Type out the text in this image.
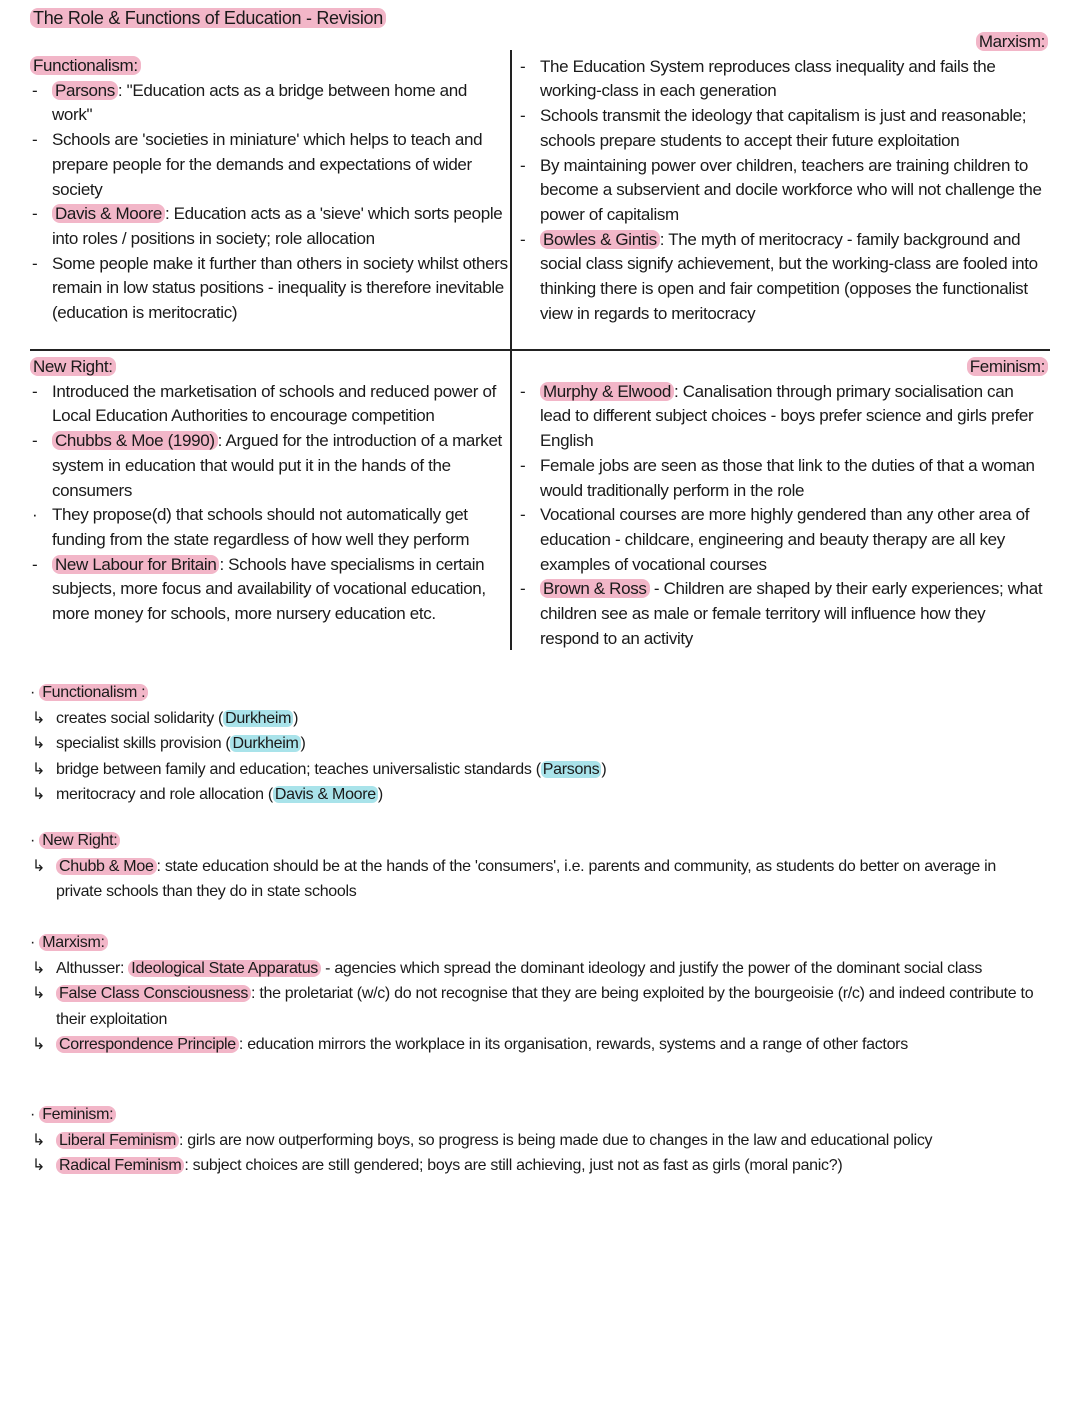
The Role & Functions of Education - Revision
Functionalism:
- Parsons : "Education acts as a bridge between home and work"
- Schools are 'societies in miniature' which helps to teach and prepare people for the demands and expectations of wider society
- Davis & Moore : Education acts as a 'sieve' which sorts people into roles / positions in society; role allocation
- Some people make it further than others in society whilst others remain in low status positions - inequality is therefore inevitable (education is meritocratic)
Marxism:
- The Education System reproduces class inequality and fails the working-class in each generation
- Schools transmit the ideology that capitalism is just and reasonable; schools prepare students to accept their future exploitation
- By maintaining power over children, teachers are training children to become a subservient and docile workforce who will not challenge the power of capitalism
- Bowles & Gintis : The myth of meritocracy - family background and social class signify achievement, but the working-class are fooled into thinking there is open and fair competition (opposes the functionalist view in regards to meritocracy
New Right:
- Introduced the marketisation of schools and reduced power of Local Education Authorities to encourage competition
- Chubbs & Moe (1990) : Argued for the introduction of a market system in education that would put it in the hands of the consumers
· They propose(d) that schools should not automatically get funding from the state regardless of how well they perform
- New Labour for Britain : Schools have specialisms in certain subjects, more focus and availability of vocational education, more money for schools, more nursery education etc.
Feminism:
- Murphy & Elwood : Canalisation through primary socialisation can lead to different subject choices - boys prefer science and girls prefer English
- Female jobs are seen as those that link to the duties of that a woman would traditionally perform in the role
- Vocational courses are more highly gendered than any other area of education - childcare, engineering and beauty therapy are all key examples of vocational courses
- Brown & Ross - Children are shaped by their early experiences; what children see as male or female territory will influence how they respond to an activity
· Functionalism :
↳ creates social solidarity ( Durkheim )
↳ specialist skills provision ( Durkheim )
↳ bridge between family and education; teaches universalistic standards ( Parsons )
↳ meritocracy and role allocation ( Davis & Moore )
· New Right:
↳ Chubb & Moe : state education should be at the hands of the 'consumers', i.e. parents and community, as students do better on average in private schools than they do in state schools
· Marxism:
↳ Althusser: Ideological State Apparatus - agencies which spread the dominant ideology and justify the power of the dominant social class
↳ False Class Consciousness : the proletariat (w/c) do not recognise that they are being exploited by the bourgeoisie (r/c) and indeed contribute to their exploitation
↳ Correspondence Principle : education mirrors the workplace in its organisation, rewards, systems and a range of other factors
· Feminism:
↳ Liberal Feminism : girls are now outperforming boys, so progress is being made due to changes in the law and educational policy
↳ Radical Feminism : subject choices are still gendered; boys are still achieving, just not as fast as girls (moral panic?)
